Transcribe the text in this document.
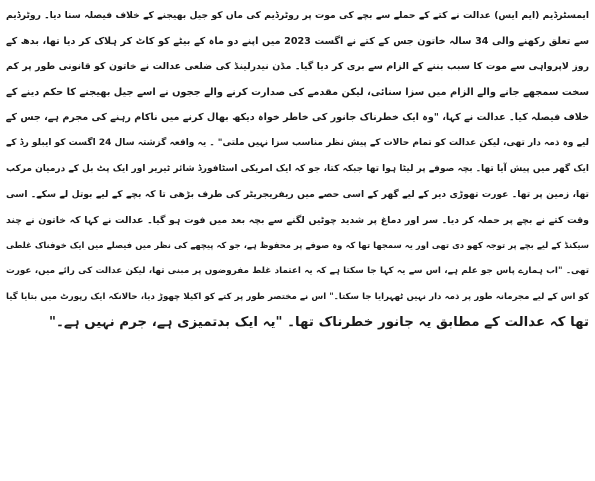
ایمسٹرڈیم (ایم ایس) عدالت نے کتے کے حملے سے بچے کی موت پر روٹرڈیم کی ماں کو جیل بھیجنے کے خلاف فیصلہ سنا دیا۔ روٹرڈیم
سے تعلق رکھنے والی 34 سالہ خاتون جس کے کتے نے اگست 2023 میں اپنے دو ماہ کے بیٹے کو کاٹ کر ہلاک کر دیا تھا، بدھ کے
روز لاپرواہی سے موت کا سبب بننے کے الزام سے بری کر دیا گیا۔ مڈن نیدرلینڈ کی ضلعی عدالت نے خاتون کو قانونی طور پر کم
سخت سمجھے جانے والے الزام میں سزا سنائی، لیکن مقدمے کی صدارت کرنے والے ججوں نے اسے جیل بھیجنے کا حکم دینے کے
خلاف فیصلہ کیا۔ عدالت نے کہا، "وہ ایک خطرناک جانور کی خاطر خواہ دیکھ بھال کرنے میں ناکام رہنے کی مجرم ہے، جس کے
لیے وہ ذمہ دار تھی، لیکن عدالت کو تمام حالات کے پیش نظر مناسب سزا نہیں ملتی" ۔ یہ واقعہ گزشتہ سال 24 اگست کو ایبلو رڈ کے
ایک گھر میں پیش آیا تھا۔ بچہ صوفے پر لیٹا ہوا تھا جبکہ کتا، جو کہ ایک امریکی اسٹافورڈ شائر ٹیریر اور ایک پٹ بل کے درمیان مرکب
تھا، زمین پر تھا۔ عورت تھوڑی دیر کے لیے گھر کے اسی حصے میں ریفریجریٹر کی طرف بڑھی تا کہ بچے کے لیے بوتل لے سکے۔ اسی
وقت کتے نے بچے پر حملہ کر دیا۔ سر اور دماغ پر شدید چوٹیں لگنے سے بچہ بعد میں فوت ہو گیا۔ عدالت نے کہا کہ خاتون نے چند
سیکنڈ کے لیے بچے پر توجہ کھو دی تھی اور یہ سمجھا تھا کہ وہ صوفے پر محفوظ ہے، جو کہ پیچھے کی نظر میں فیصلے میں ایک خوفناک غلطی
تھی۔ "اب ہمارے پاس جو علم ہے، اس سے یہ کہا جا سکتا ہے کہ یہ اعتماد غلط مفروضوں پر مبنی تھا، لیکن عدالت کی رائے میں، عورت
کو اس کے لیے مجرمانہ طور پر ذمہ دار نہیں ٹھہرایا جا سکتا۔" اس نے مختصر طور پر کتے کو اکیلا چھوڑ دیا، حالانکہ ایک رپورٹ میں بتایا گیا
تھا کہ عدالت کے مطابق یہ جانور خطرناک تھا۔ "یہ ایک بدتمیزی ہے، جرم نہیں ہے۔"
